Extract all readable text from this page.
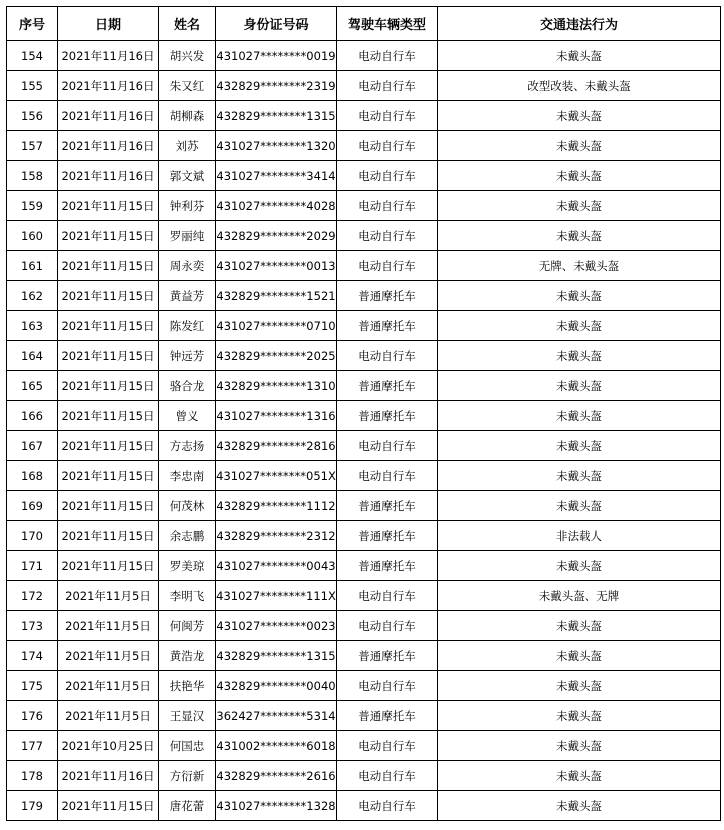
序号	日期	姓名	身份证号码	驾驶车辆类型	交通违法行为
154	2021年11月16日	胡兴发	431027********0019	电动自行车	未戴头盔
155	2021年11月16日	朱又红	432829********2319	电动自行车	改型改装、未戴头盔
156	2021年11月16日	胡柳森	432829********1315	电动自行车	未戴头盔
157	2021年11月16日	刘苏	431027********1320	电动自行车	未戴头盔
158	2021年11月16日	郭文斌	431027********3414	电动自行车	未戴头盔
159	2021年11月15日	钟利芬	431027********4028	电动自行车	未戴头盔
160	2021年11月15日	罗丽纯	432829********2029	电动自行车	未戴头盔
161	2021年11月15日	周永奕	431027********0013	电动自行车	无牌、未戴头盔
162	2021年11月15日	黄益芳	432829********1521	普通摩托车	未戴头盔
163	2021年11月15日	陈发红	431027********0710	普通摩托车	未戴头盔
164	2021年11月15日	钟远芳	432829********2025	电动自行车	未戴头盔
165	2021年11月15日	骆合龙	432829********1310	普通摩托车	未戴头盔
166	2021年11月15日	曾义	431027********1316	普通摩托车	未戴头盔
167	2021年11月15日	方志扬	432829********2816	电动自行车	未戴头盔
168	2021年11月15日	李忠南	431027********051X	电动自行车	未戴头盔
169	2021年11月15日	何茂林	432829********1112	普通摩托车	未戴头盔
170	2021年11月15日	余志鹏	432829********2312	普通摩托车	非法载人
171	2021年11月15日	罗美琼	431027********0043	普通摩托车	未戴头盔
172	2021年11月5日	李明飞	431027********111X	电动自行车	未戴头盔、无牌
173	2021年11月5日	何闽芳	431027********0023	电动自行车	未戴头盔
174	2021年11月5日	黄浩龙	432829********1315	普通摩托车	未戴头盔
175	2021年11月5日	扶艳华	432829********0040	电动自行车	未戴头盔
176	2021年11月5日	王显汉	362427********5314	普通摩托车	未戴头盔
177	2021年10月25日	何国忠	431002********6018	电动自行车	未戴头盔
178	2021年11月16日	方衍新	432829********2616	电动自行车	未戴头盔
179	2021年11月15日	唐花蕾	431027********1328	电动自行车	未戴头盔
